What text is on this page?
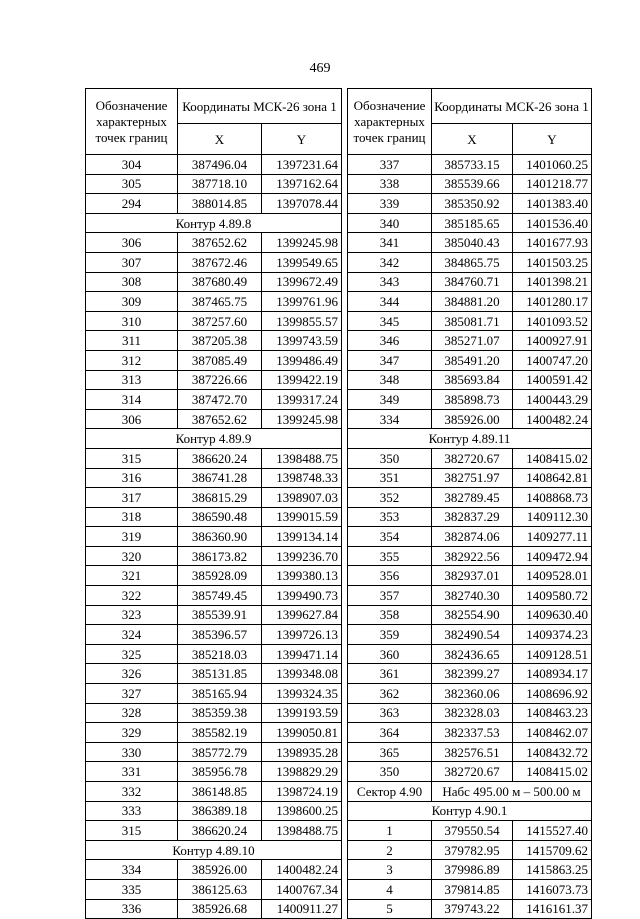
469
Обозначение характерных точек границ	Координаты МСК-26 зона 1	
	X	Y
304	387496.04	1397231.64
305	387718.10	1397162.64
294	388014.85	1397078.44
Контур 4.89.8		
306	387652.62	1399245.98
307	387672.46	1399549.65
308	387680.49	1399672.49
309	387465.75	1399761.96
310	387257.60	1399855.57
311	387205.38	1399743.59
312	387085.49	1399486.49
313	387226.66	1399422.19
314	387472.70	1399317.24
306	387652.62	1399245.98
Контур 4.89.9		
315	386620.24	1398488.75
316	386741.28	1398748.33
317	386815.29	1398907.03
318	386590.48	1399015.59
319	386360.90	1399134.14
320	386173.82	1399236.70
321	385928.09	1399380.13
322	385749.45	1399490.73
323	385539.91	1399627.84
324	385396.57	1399726.13
325	385218.03	1399471.14
326	385131.85	1399348.08
327	385165.94	1399324.35
328	385359.38	1399193.59
329	385582.19	1399050.81
330	385772.79	1398935.28
331	385956.78	1398829.29
332	386148.85	1398724.19
333	386389.18	1398600.25
315	386620.24	1398488.75
Контур 4.89.10		
334	385926.00	1400482.24
335	386125.63	1400767.34
336	385926.68	1400911.27
Обозначение характерных точек границ	Координаты МСК-26 зона 1	
	X	Y
337	385733.15	1401060.25
338	385539.66	1401218.77
339	385350.92	1401383.40
340	385185.65	1401536.40
341	385040.43	1401677.93
342	384865.75	1401503.25
343	384760.71	1401398.21
344	384881.20	1401280.17
345	385081.71	1401093.52
346	385271.07	1400927.91
347	385491.20	1400747.20
348	385693.84	1400591.42
349	385898.73	1400443.29
334	385926.00	1400482.24
Контур 4.89.11		
350	382720.67	1408415.02
351	382751.97	1408642.81
352	382789.45	1408868.73
353	382837.29	1409112.30
354	382874.06	1409277.11
355	382922.56	1409472.94
356	382937.01	1409528.01
357	382740.30	1409580.72
358	382554.90	1409630.40
359	382490.54	1409374.23
360	382436.65	1409128.51
361	382399.27	1408934.17
362	382360.06	1408696.92
363	382328.03	1408463.23
364	382337.53	1408462.07
365	382576.51	1408432.72
350	382720.67	1408415.02
Сектор 4.90	Набс 495.00 м – 500.00 м	
Контур 4.90.1		
1	379550.54	1415527.40
2	379782.95	1415709.62
3	379986.89	1415863.25
4	379814.85	1416073.73
5	379743.22	1416161.37
